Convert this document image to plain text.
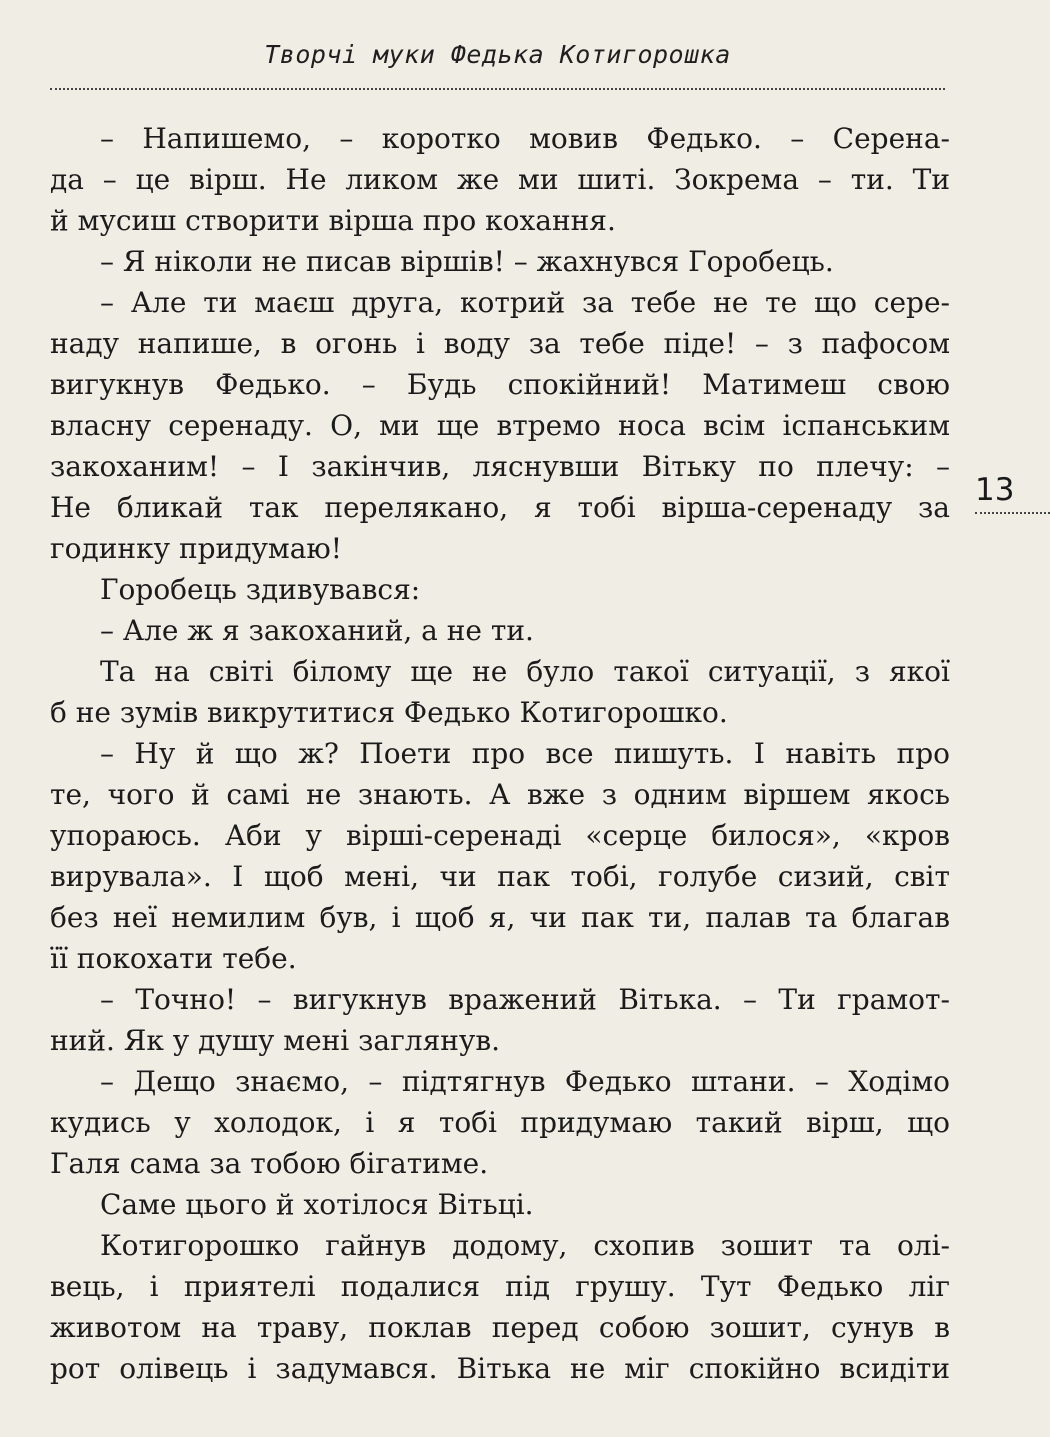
Творчі муки Федька Котигорошка
13
– Напишемо, – коротко мовив Федько. – Серена-
да – це вірш. Не ликом же ми шиті. Зокрема – ти. Ти
й мусиш створити вірша про кохання.
– Я ніколи не писав віршів! – жахнувся Горобець.
– Але ти маєш друга, котрий за тебе не те що сере-
наду напише, в огонь і воду за тебе піде! – з пафосом
вигукнув Федько. – Будь спокійний! Матимеш свою
власну серенаду. О, ми ще втремо носа всім іспанським
закоханим! – І закінчив, ляснувши Вітьку по плечу: –
Не бликай так перелякано, я тобі вірша-серенаду за
годинку придумаю!
Горобець здивувався:
– Але ж я закоханий, а не ти.
Та на світі білому ще не було такої ситуації, з якої
б не зумів викрутитися Федько Котигорошко.
– Ну й що ж? Поети про все пишуть. І навіть про
те, чого й самі не знають. А вже з одним віршем якось
упораюсь. Аби у вірші-серенаді «серце билося», «кров
вирувала». І щоб мені, чи пак тобі, голубе сизий, світ
без неї немилим був, і щоб я, чи пак ти, палав та благав
її покохати тебе.
– Точно! – вигукнув вражений Вітька. – Ти грамот-
ний. Як у душу мені заглянув.
– Дещо знаємо, – підтягнув Федько штани. – Ходімо
кудись у холодок, і я тобі придумаю такий вірш, що
Галя сама за тобою бігатиме.
Саме цього й хотілося Вітьці.
Котигорошко гайнув додому, схопив зошит та олі-
вець, і приятелі подалися під грушу. Тут Федько ліг
животом на траву, поклав перед собою зошит, сунув в
рот олівець і задумався. Вітька не міг спокійно всидіти
